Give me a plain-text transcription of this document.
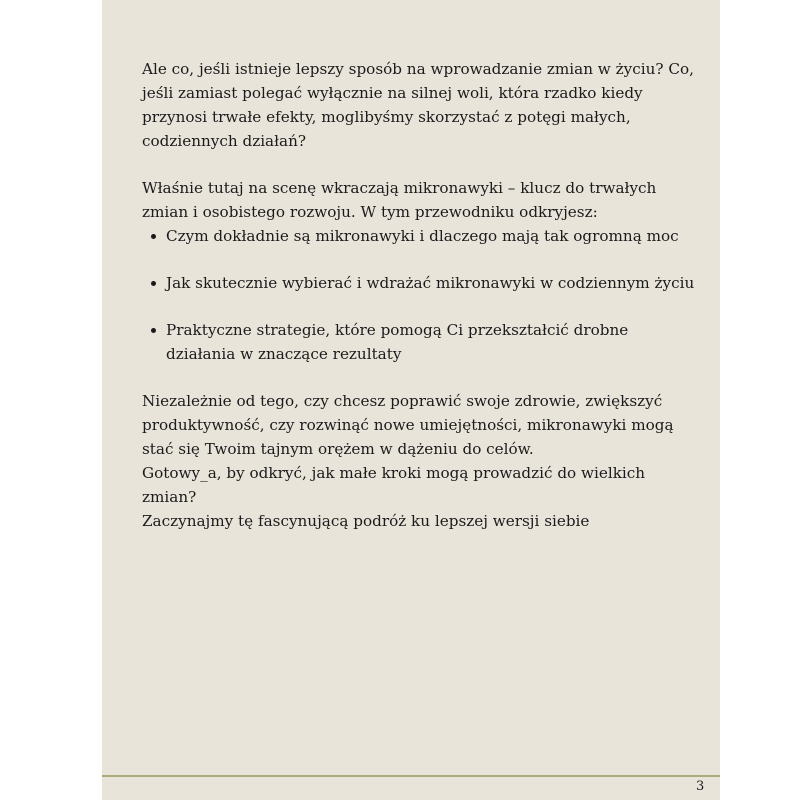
Ale co, jeśli istnieje lepszy sposób na wprowadzanie zmian w życiu? Co, jeśli zamiast polegać wyłącznie na silnej woli, która rzadko kiedy przynosi trwałe efekty, moglibyśmy skorzystać z potęgi małych, codziennych działań?

Właśnie tutaj na scenę wkraczają mikronawyki – klucz do trwałych zmian i osobistego rozwoju. W tym przewodniku odkryjesz:

Czym dokładnie są mikronawyki i dlaczego mają tak ogromną moc
Jak skutecznie wybierać i wdrażać mikronawyki w codziennym życiu
Praktyczne strategie, które pomogą Ci przekształcić drobne działania w znaczące rezultaty

Niezależnie od tego, czy chcesz poprawić swoje zdrowie, zwiększyć produktywność, czy rozwinąć nowe umiejętności, mikronawyki mogą stać się Twoim tajnym orężem w dążeniu do celów.

Gotowy_a, by odkryć, jak małe kroki mogą prowadzić do wielkich zmian?

Zaczynajmy tę fascynującą podróż ku lepszej wersji siebie

3
